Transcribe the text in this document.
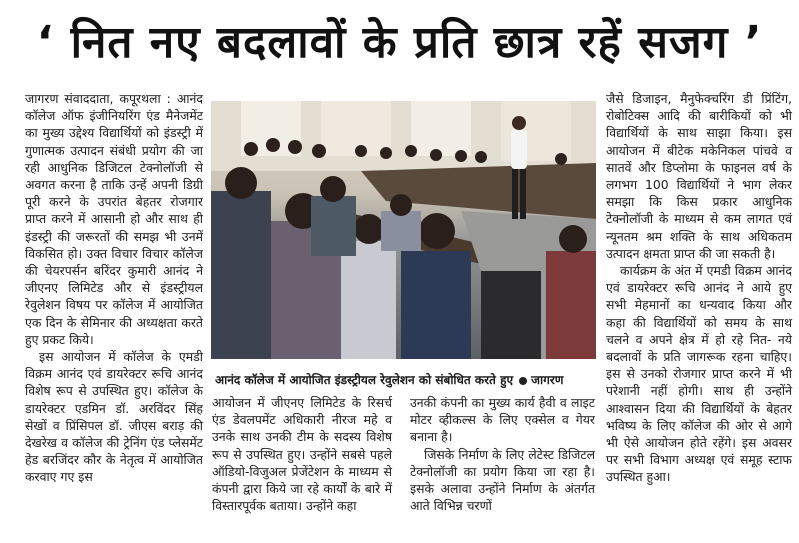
‘ नित नए बदलावों के प्रति छात्र रहें सजग ’

जागरण संवाददाता, कपूरथला : आनंद कॉलेज ऑफ इंजीनियरिंग एंड मैनेजमेंट का मुख्य उद्देश्य विद्यार्थियों को इंडस्ट्री में गुणात्मक उत्पादन संबंधी प्रयोग की जा रही आधुनिक डिजिटल टेक्नोलॉजी से अवगत करना है ताकि उन्हें अपनी डिग्री पूरी करने के उपरांत बेहतर रोजगार प्राप्त करने में आसानी हो और साथ ही इंडस्ट्री की जरूरतों की समझ भी उनमें विकसित हो। उक्त विचार विचार कॉलेज की चेयरपर्सन बरिंदर कुमारी आनंद ने जीएनए लिमिटेड और से इंडस्ट्रीयल रेवुलेशन विषय पर कॉलेज में आयोजित एक दिन के सेमिनार की अध्यक्षता करते हुए प्रकट किये।

इस आयोजन में कॉलेज के एमडी विक्रम आनंद एवं डायरेक्टर रूचि आनंद विशेष रूप से उपस्थित हुए। कॉलेज के डायरेक्टर एडमिन डॉ. अरविंदर सिंह सेखों व प्रिंसिपल डॉ. जीएस बराड़ की देखरेख व कॉलेज की ट्रेनिंग एंड प्लेसमेंट हेड बरजिंदर कौर के नेतृत्व में आयोजित करवाए गए इस

आनंद कॉलेज में आयोजित इंडस्ट्रीयल रेवुलेशन को संबोधित करते हुए जागरण

आयोजन में जीएनए लिमिटेड के रिसर्च एंड डेवलपमेंट अधिकारी नीरज महे व उनके साथ उनकी टीम के सदस्य विशेष रूप से उपस्थित हुए। उन्होंने सबसे पहले ऑडियो-विजुअल प्रेजेंटेशन के माध्यम से कंपनी द्वारा किये जा रहे कार्यों के बारे में विस्तारपूर्वक बताया। उन्होंने कहा

उनकी कंपनी का मुख्य कार्य हैवी व लाइट मोटर व्हीकल्स के लिए एक्सेल व गेयर बनाना है।

जिसके निर्माण के लिए लेटेस्ट डिजिटल टेक्नोलॉजी का प्रयोग किया जा रहा है। इसके अलावा उन्होंने निर्माण के अंतर्गत आते विभिन्न चरणों

जैसे डिजाइन, मैनुफेक्चरिंग डी प्रिंटिंग, रोबोटिक्स आदि की बारीकियों को भी विद्यार्थियों के साथ साझा किया। इस आयोजन में बीटेक मकेनिकल पांचवे व सातवें और डिप्लोमा के फाइनल वर्ष के लगभग 100 विद्यार्थियों ने भाग लेकर समझा कि किस प्रकार आधुनिक टेक्नोलॉजी के माध्यम से कम लागत एवं न्यूनतम श्रम शक्ति के साथ अधिकतम उत्पादन क्षमता प्राप्त की जा सकती है।

कार्यक्रम के अंत में एमडी विक्रम आनंद एवं डायरेक्टर रूचि आनंद ने आये हुए सभी मेहमानों का धन्यवाद किया और कहा की विद्यार्थियों को समय के साथ चलने व अपने क्षेत्र में हो रहे नित- नये बदलावों के प्रति जागरूक रहना चाहिए। इस से उनको रोजगार प्राप्त करने में भी परेशानी नहीं होगी। साथ ही उन्होंने आश्वासन दिया की विद्यार्थियों के बेहतर भविष्य के लिए कॉलेज की ओर से आगे भी ऐसे आयोजन होते रहेंगे। इस अवसर पर सभी विभाग अध्यक्ष एवं समूह स्टाफ उपस्थित हुआ।
